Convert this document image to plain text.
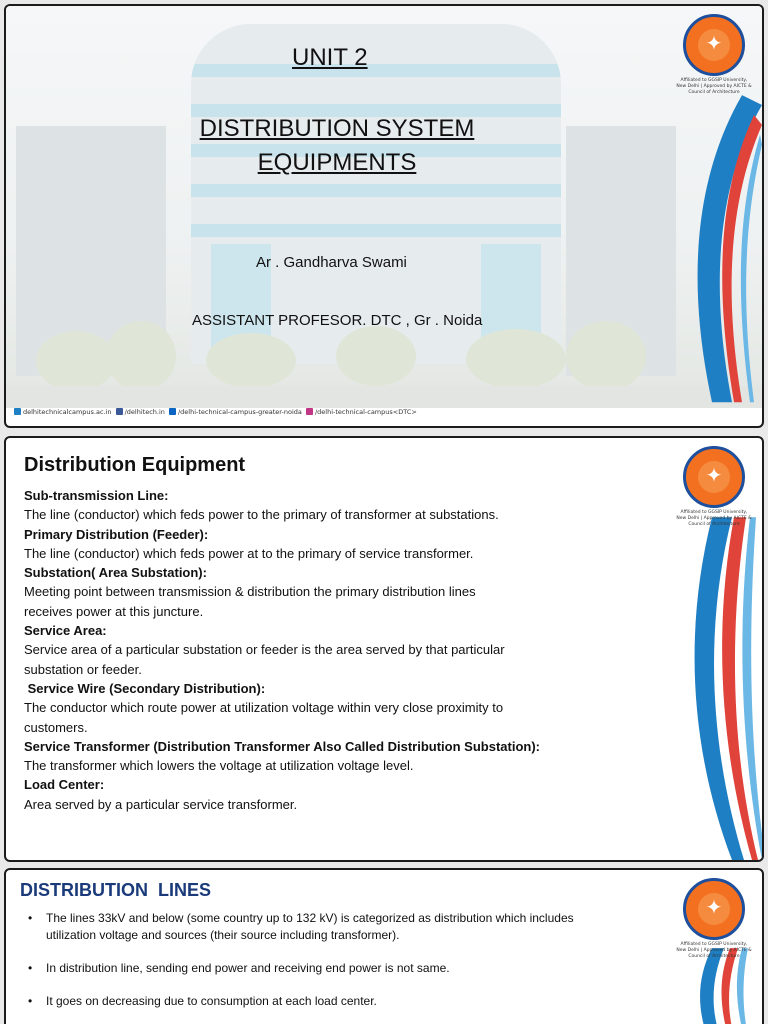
UNIT 2
DISTRIBUTION SYSTEM EQUIPMENTS
Ar . Gandharva Swami
ASSISTANT PROFESOR. DTC , Gr . Noida
delhitechnicalcampus.ac.in /delhitech.in /delhi-technical-campus-greater-noida /delhi-technical-campus<DTC>
✦
Affiliated to GGSIP University, New Delhi | Approved by AICTE & Council of Architecture
Distribution Equipment
Sub-transmission Line:
The line (conductor) which feds power to the primary of transformer at substations.
Primary Distribution (Feeder):
The line (conductor) which feds power at to the primary of service transformer.
Substation( Area Substation):
Meeting point between transmission & distribution the primary distribution lines receives power at this juncture.
Service Area:
Service area of a particular substation or feeder is the area served by that particular substation or feeder.
Service Wire (Secondary Distribution):
The conductor which route power at utilization voltage within very close proximity to customers.
Service Transformer (Distribution Transformer Also Called Distribution Substation):
The transformer which lowers the voltage at utilization voltage level.
Load Center:
Area served by a particular service transformer.
✦
Affiliated to GGSIP University, New Delhi | Approved by AICTE & Council of Architecture
DISTRIBUTION  LINES
• The lines 33kV and below (some country up to 132 kV) is categorized as distribution which includes utilization voltage and sources (their source including transformer).
• In distribution line, sending end power and receiving end power is not same.
• It goes on decreasing due to consumption at each load center.
✦
Affiliated to GGSIP University, New Delhi | Approved by AICTE & Council of Architecture
